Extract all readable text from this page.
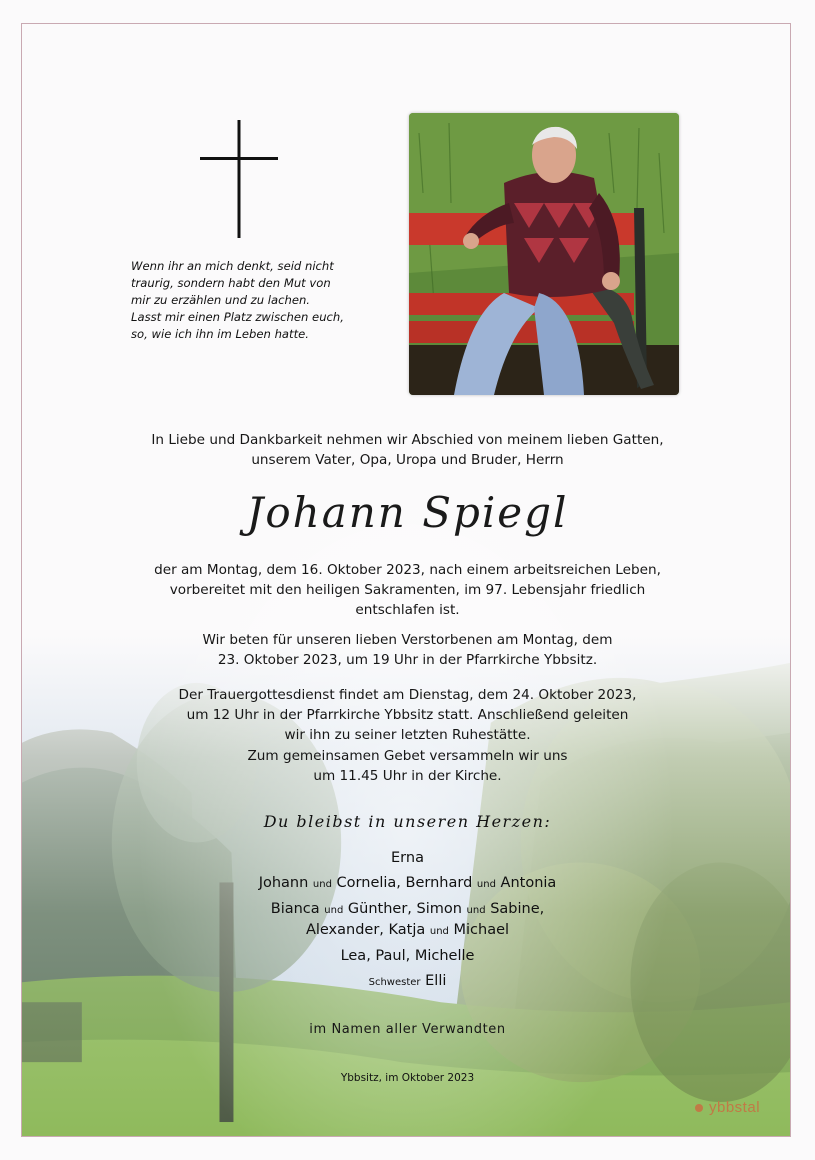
Wenn ihr an mich denkt, seid nicht
traurig, sondern habt den Mut von
mir zu erzählen und zu lachen.
Lasst mir einen Platz zwischen euch,
so, wie ich ihn im Leben hatte.
In Liebe und Dankbarkeit nehmen wir Abschied von meinem lieben Gatten,
unserem Vater, Opa, Uropa und Bruder, Herrn
Johann Spiegl
der am Montag, dem 16. Oktober 2023, nach einem arbeitsreichen Leben,
vorbereitet mit den heiligen Sakramenten, im 97. Lebensjahr friedlich
entschlafen ist.
Wir beten für unseren lieben Verstorbenen am Montag, dem
23. Oktober 2023, um 19 Uhr in der Pfarrkirche Ybbsitz.
Der Trauergottesdienst findet am Dienstag, dem 24. Oktober 2023,
um 12 Uhr in der Pfarrkirche Ybbsitz statt. Anschließend geleiten
wir ihn zu seiner letzten Ruhestätte.
Zum gemeinsamen Gebet versammeln wir uns
um 11.45 Uhr in der Kirche.
Du bleibst in unseren Herzen:
Erna
Johann und Cornelia, Bernhard und Antonia
Bianca und Günther, Simon und Sabine,
Alexander, Katja und Michael
Lea, Paul, Michelle
Schwester Elli
im Namen aller Verwandten
Ybbsitz, im Oktober 2023
ybbstal
